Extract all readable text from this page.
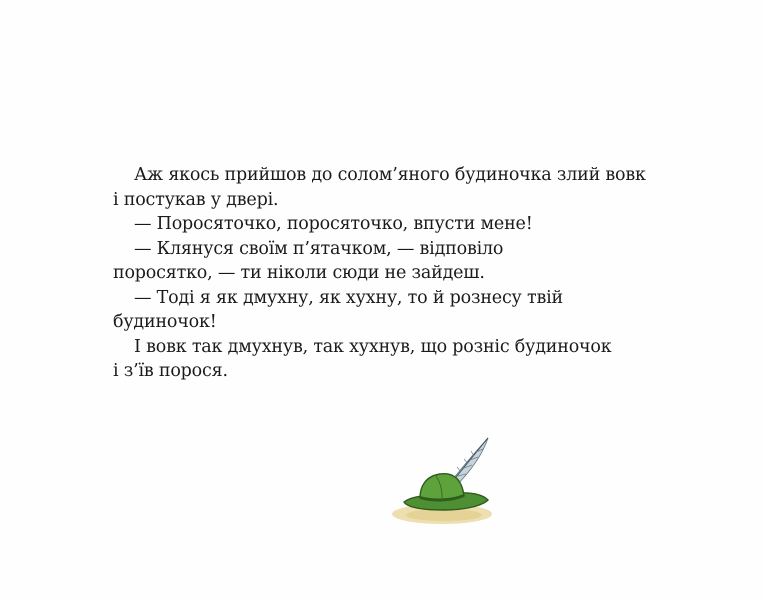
Аж якось прийшов до солом’яного будиночка злий вовк

і постукав у двері.

— Поросяточко, поросяточко, впусти мене!

— Клянуся своїм п’ятачком, — відповіло

поросятко, — ти ніколи сюди не зайдеш.

— Тоді я як дмухну, як хухну, то й рознесу твій

будиночок!

І вовк так дмухнув, так хухнув, що розніс будиночок

і з’їв порося.
